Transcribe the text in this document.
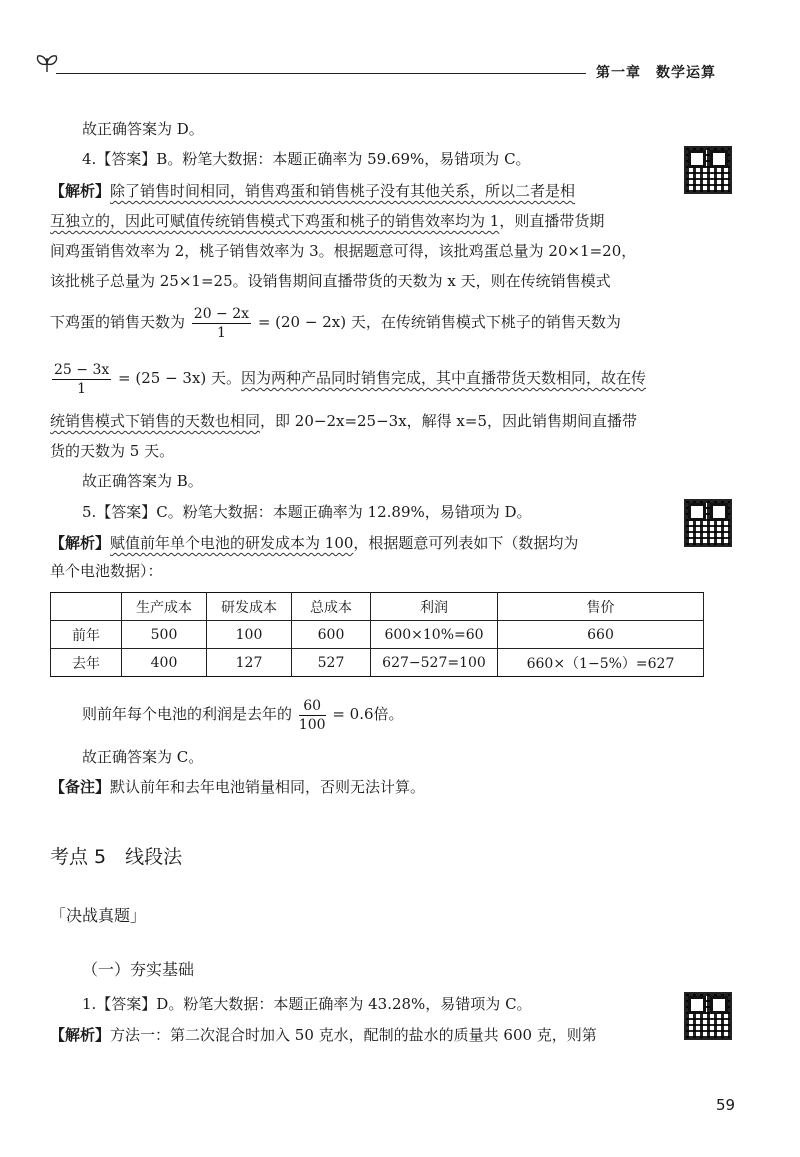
第一章　数学运算
故正确答案为 D。
4.【答案】B。粉笔大数据：本题正确率为 59.69%，易错项为 C。
【解析】除了销售时间相同，销售鸡蛋和销售桃子没有其他关系，所以二者是相
互独立的，因此可赋值传统销售模式下鸡蛋和桃子的销售效率均为 1，则直播带货期
间鸡蛋销售效率为 2，桃子销售效率为 3。根据题意可得，该批鸡蛋总量为 20×1=20，
该批桃子总量为 25×1=25。设销售期间直播带货的天数为 x 天，则在传统销售模式
下鸡蛋的销售天数为 $\frac{20 - 2x}{1} = (20 - 2x)$ 天，在传统销售模式下桃子的销售天数为
$\frac{25 - 3x}{1} = (25 - 3x)$ 天。因为两种产品同时销售完成，其中直播带货天数相同，故在传
统销售模式下销售的天数也相同，即 20−2x=25−3x，解得 x=5，因此销售期间直播带
货的天数为 5 天。
故正确答案为 B。
5.【答案】C。粉笔大数据：本题正确率为 12.89%，易错项为 D。
【解析】赋值前年单个电池的研发成本为 100，根据题意可列表如下（数据均为
单个电池数据）：
	生产成本	研发成本	总成本	利润	售价
前年	500	100	600	600×10%=60	660
去年	400	127	527	627−527=100	660×（1−5%）=627
则前年每个电池的利润是去年的 $\frac{60}{100} = 0.6$倍。
故正确答案为 C。
【备注】默认前年和去年电池销量相同，否则无法计算。
考点 5　线段法
「决战真题」
（一）夯实基础
1.【答案】D。粉笔大数据：本题正确率为 43.28%，易错项为 C。
【解析】方法一：第二次混合时加入 50 克水，配制的盐水的质量共 600 克，则第
59
